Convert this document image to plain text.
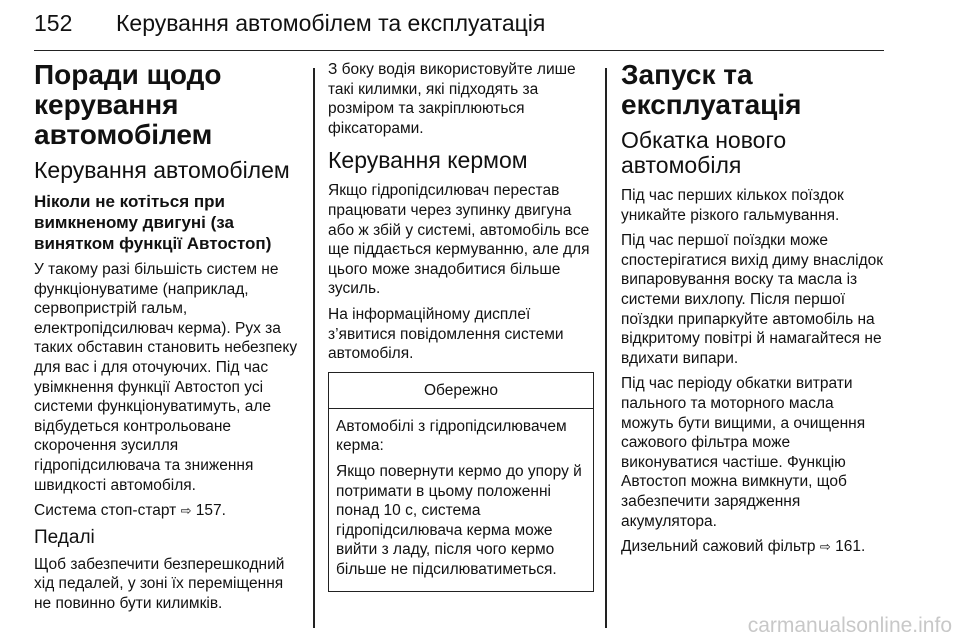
152 Керування автомобілем та експлуатація
Поради щодо керування автомобілем
Керування автомобілем
Ніколи не котіться при вимкненому двигуні (за винятком функції Автостоп)

У такому разі більшість систем не функціонуватиме (наприклад, сервопристрій гальм, електропідсилювач керма). Рух за таких обставин становить небезпеку для вас і для оточуючих. Під час увімкнення функції Автостоп усі системи функціонуватимуть, але відбудеться контрольоване скорочення зусилля гідропідсилювача та зниження швидкості автомобіля.

Система стоп-старт ⇨ 157.

Педалі

Щоб забезпечити безперешкодний хід педалей, у зоні їх переміщення не повинно бути килимків.

З боку водія використовуйте лише такі килимки, які підходять за розміром та закріплюються фіксаторами.

Керування кермом

Якщо гідропідсилювач перестав працювати через зупинку двигуна або ж збій у системі, автомобіль все ще піддається кермуванню, але для цього може знадобитися більше зусиль.

На інформаційному дисплеї з’явитися повідомлення системи автомобіля.

Обережно

Автомобілі з гідропідсилювачем керма:

Якщо повернути кермо до упору й потримати в цьому положенні понад 10 с, система гідропідсилювача керма може вийти з ладу, після чого кермо більше не підсилюватиметься.

Запуск та експлуатація
Обкатка нового автомобіля

Під час перших кількох поїздок уникайте різкого гальмування.

Під час першої поїздки може спостерігатися вихід диму внаслідок випаровування воску та масла із системи вихлопу. Після першої поїздки припаркуйте автомобіль на відкритому повітрі й намагайтеся не вдихати випари.

Під час періоду обкатки витрати пального та моторного масла можуть бути вищими, а очищення сажового фільтра може виконуватися частіше. Функцію Автостоп можна вимкнути, щоб забезпечити зарядження акумулятора.

Дизельний сажовий фільтр ⇨ 161.

carmanualsonline.info
